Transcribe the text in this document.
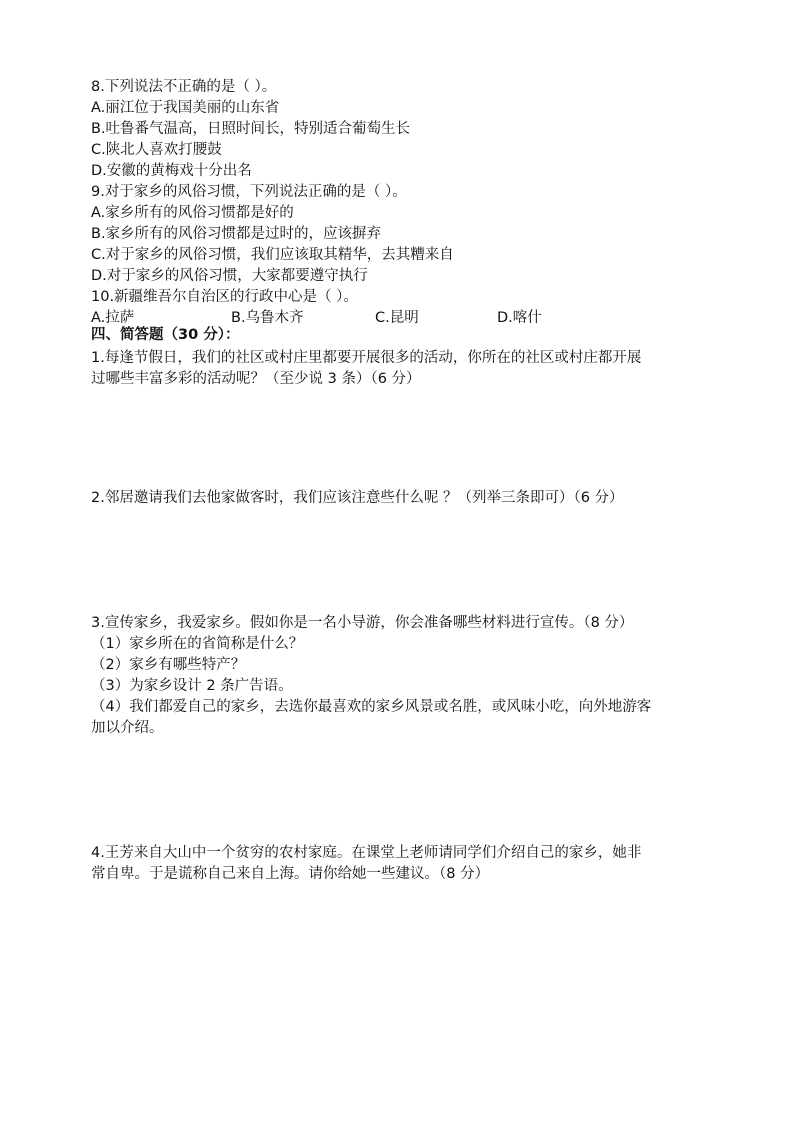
8.下列说法不正确的是（ ）。
A.丽江位于我国美丽的山东省
B.吐鲁番气温高，日照时间长，特别适合葡萄生长
C.陕北人喜欢打腰鼓
D.安徽的黄梅戏十分出名
9.对于家乡的风俗习惯，下列说法正确的是（ ）。
A.家乡所有的风俗习惯都是好的
B.家乡所有的风俗习惯都是过时的，应该摒弃
C.对于家乡的风俗习惯，我们应该取其精华，去其糟来自
D.对于家乡的风俗习惯，大家都要遵守执行
10.新疆维吾尔自治区的行政中心是（ ）。
A.拉萨	B.乌鲁木齐	C.昆明	D.喀什
四、简答题（30 分）：
1.每逢节假日，我们的社区或村庄里都要开展很多的活动，你所在的社区或村庄都开展
过哪些丰富多彩的活动呢？（至少说 3 条）（6 分）
2.邻居邀请我们去他家做客时，我们应该注意些什么呢 ？（列举三条即可）（6 分）
3.宣传家乡，我爱家乡。假如你是一名小导游，你会准备哪些材料进行宣传。（8 分）
（1）家乡所在的省简称是什么？
（2）家乡有哪些特产？
（3）为家乡设计 2 条广告语。
（4）我们都爱自己的家乡，去选你最喜欢的家乡风景或名胜，或风味小吃，向外地游客
加以介绍。
4.王芳来自大山中一个贫穷的农村家庭。在课堂上老师请同学们介绍自己的家乡，她非
常自卑。于是谎称自己来自上海。请你给她一些建议。（8 分）
